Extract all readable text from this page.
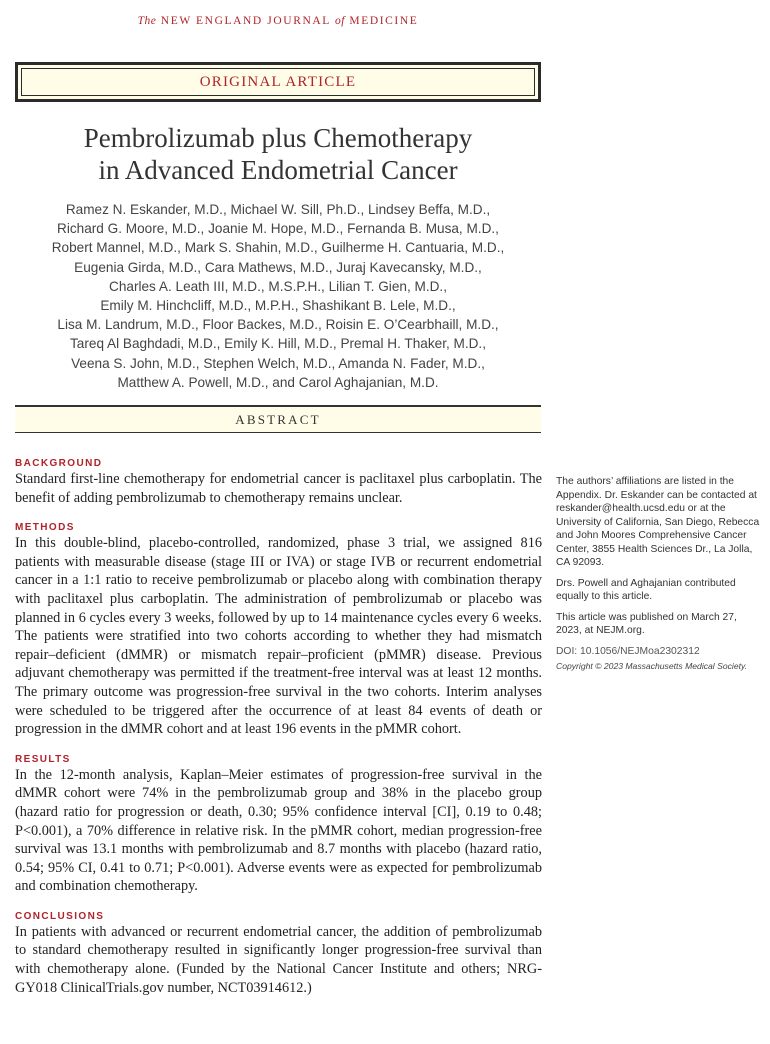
The NEW ENGLAND JOURNAL of MEDICINE
ORIGINAL ARTICLE
Pembrolizumab plus Chemotherapy
in Advanced Endometrial Cancer
Ramez N. Eskander, M.D., Michael W. Sill, Ph.D., Lindsey Beffa, M.D.,
Richard G. Moore, M.D., Joanie M. Hope, M.D., Fernanda B. Musa, M.D.,
Robert Mannel, M.D., Mark S. Shahin, M.D., Guilherme H. Cantuaria, M.D.,
Eugenia Girda, M.D., Cara Mathews, M.D., Juraj Kavecansky, M.D.,
Charles A. Leath III, M.D., M.S.P.H., Lilian T. Gien, M.D.,
Emily M. Hinchcliff, M.D., M.P.H., Shashikant B. Lele, M.D.,
Lisa M. Landrum, M.D., Floor Backes, M.D., Roisin E. O’Cearbhaill, M.D.,
Tareq Al Baghdadi, M.D., Emily K. Hill, M.D., Premal H. Thaker, M.D.,
Veena S. John, M.D., Stephen Welch, M.D., Amanda N. Fader, M.D.,
Matthew A. Powell, M.D., and Carol Aghajanian, M.D.
ABSTRACT

BACKGROUND

Standard first-line chemotherapy for endometrial cancer is paclitaxel plus carboplatin. The benefit of adding pembrolizumab to chemotherapy remains unclear.

METHODS

In this double-blind, placebo-controlled, randomized, phase 3 trial, we assigned 816 patients with measurable disease (stage III or IVA) or stage IVB or recurrent endometrial cancer in a 1:1 ratio to receive pembrolizumab or placebo along with combination therapy with paclitaxel plus carboplatin. The administration of pembrolizumab or placebo was planned in 6 cycles every 3 weeks, followed by up to 14 maintenance cycles every 6 weeks. The patients were stratified into two cohorts according to whether they had mismatch repair–deficient (dMMR) or mismatch repair–proficient (pMMR) disease. Previous adjuvant chemotherapy was permitted if the treatment-free interval was at least 12 months. The primary outcome was progression-free survival in the two cohorts. Interim analyses were scheduled to be triggered after the occurrence of at least 84 events of death or progression in the dMMR cohort and at least 196 events in the pMMR cohort.

RESULTS

In the 12-month analysis, Kaplan–Meier estimates of progression-free survival in the dMMR cohort were 74% in the pembrolizumab group and 38% in the placebo group (hazard ratio for progression or death, 0.30; 95% confidence interval [CI], 0.19 to 0.48; P<0.001), a 70% difference in relative risk. In the pMMR cohort, median progression-free survival was 13.1 months with pembrolizumab and 8.7 months with placebo (hazard ratio, 0.54; 95% CI, 0.41 to 0.71; P<0.001). Adverse events were as expected for pembrolizumab and combination chemotherapy.

CONCLUSIONS

In patients with advanced or recurrent endometrial cancer, the addition of pembrolizumab to standard chemotherapy resulted in significantly longer progression-free survival than with chemotherapy alone. (Funded by the National Cancer Institute and others; NRG-GY018 ClinicalTrials.gov number, NCT03914612.)

The authors’ affiliations are listed in the Appendix. Dr. Eskander can be contacted at reskander@health.ucsd.edu or at the University of California, San Diego, Rebecca and John Moores Comprehensive Cancer Center, 3855 Health Sciences Dr., La Jolla, CA 92093.

Drs. Powell and Aghajanian contributed equally to this article.

This article was published on March 27, 2023, at NEJM.org.

DOI: 10.1056/NEJMoa2302312

Copyright © 2023 Massachusetts Medical Society.
